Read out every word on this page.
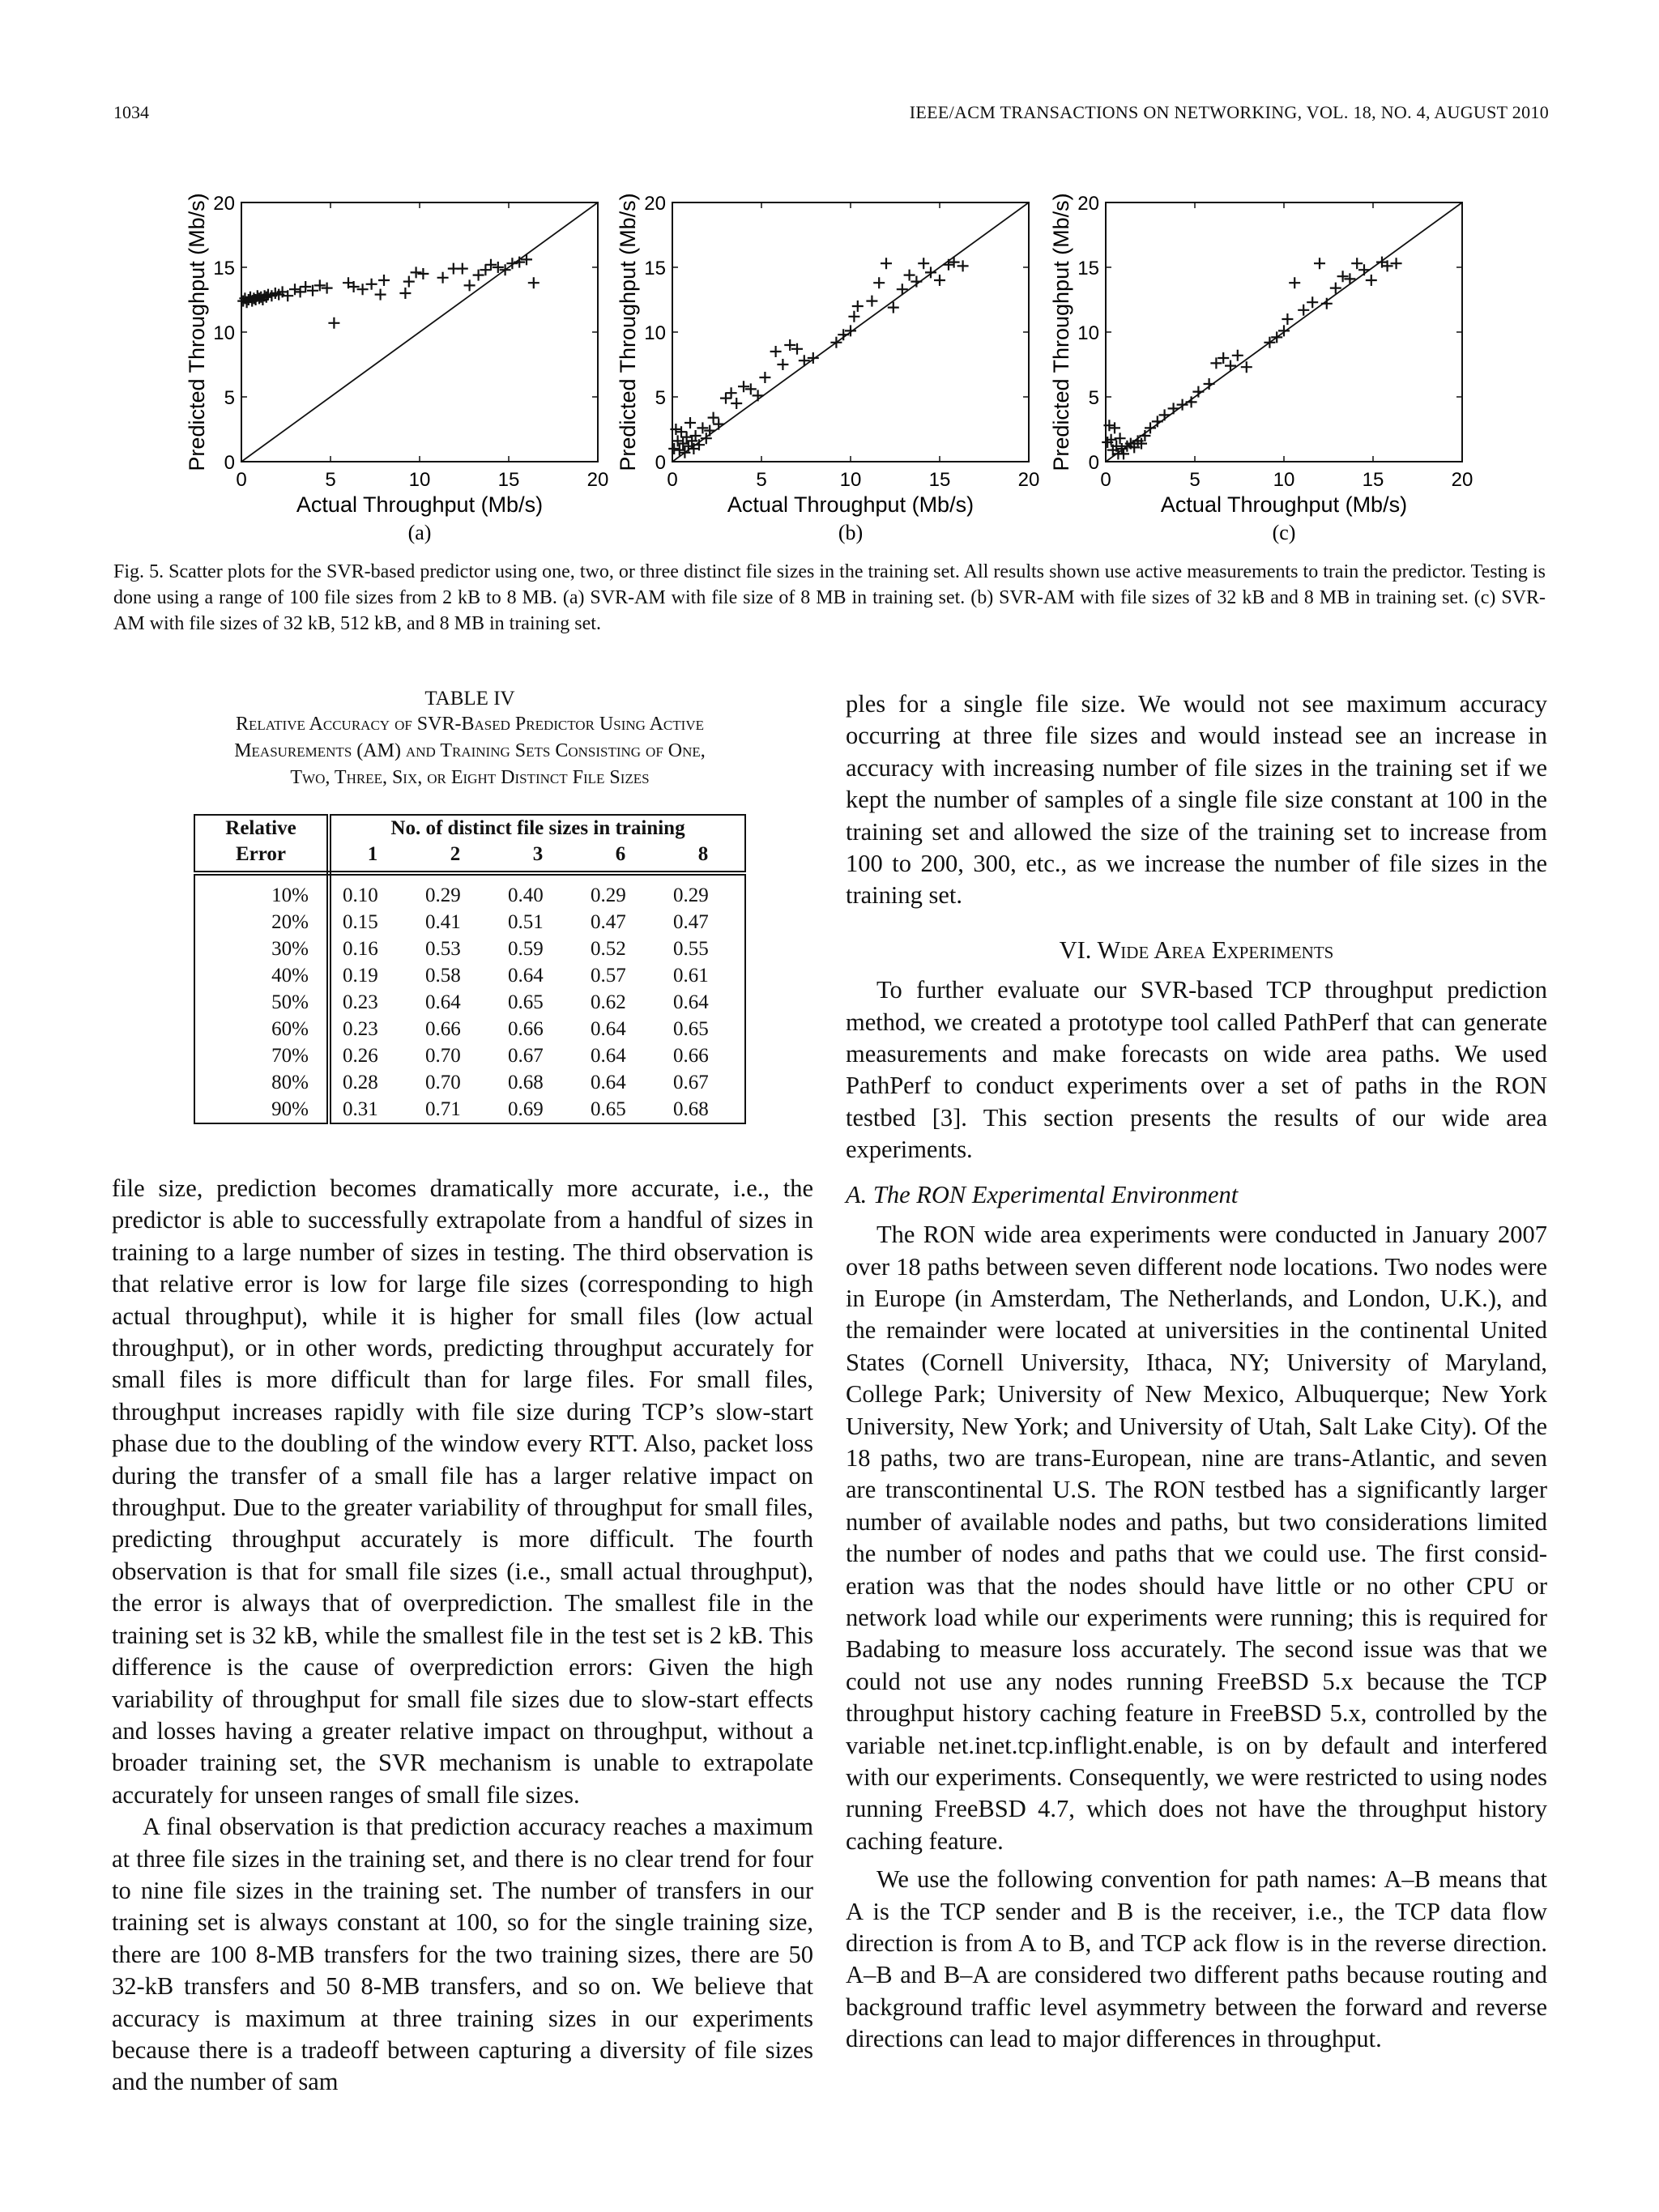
1034	IEEE/ACM TRANSACTIONS ON NETWORKING, VOL. 18, NO. 4, AUGUST 2010
0	5	10	15	20
0
5
10
15
20
Actual Throughput (Mb/s)
Predicted Throughput (Mb/s)
(a)
0	5	10	15	20
0
5
10
15
20
Actual Throughput (Mb/s)
Predicted Throughput (Mb/s)
(b)
0	5	10	15	20
0
5
10
15
20
Actual Throughput (Mb/s)
Predicted Throughput (Mb/s)
(c)
Fig. 5. Scatter plots for the SVR-based predictor using one, two, or three distinct file sizes in the training set. All results shown use active measurements to train the predictor. Testing is done using a range of 100 file sizes from 2 kB to 8 MB. (a) SVR-AM with file size of 8 MB in training set. (b) SVR-AM with file sizes of 32 kB and 8 MB in training set. (c) SVR-AM with file sizes of 32 kB, 512 kB, and 8 MB in training set.
TABLE IV
Relative Accuracy of SVR-Based Predictor Using Active
Measurements (AM) and Training Sets Consisting of One,
Two, Three, Six, or Eight Distinct File Sizes
Relative	No. of distinct file sizes in training				
Error	1	2	3	6	8
10%	0.10	0.29	0.40	0.29	0.29
20%	0.15	0.41	0.51	0.47	0.47
30%	0.16	0.53	0.59	0.52	0.55
40%	0.19	0.58	0.64	0.57	0.61
50%	0.23	0.64	0.65	0.62	0.64
60%	0.23	0.66	0.66	0.64	0.65
70%	0.26	0.70	0.67	0.64	0.66
80%	0.28	0.70	0.68	0.64	0.67
90%	0.31	0.71	0.69	0.65	0.68

file size, prediction becomes dramatically more accurate, i.e., the predictor is able to successfully extrapolate from a handful of sizes in training to a large number of sizes in testing. The third observation is that relative error is low for large file sizes (corresponding to high actual throughput), while it is higher for small files (low actual throughput), or in other words, predicting throughput accurately for small files is more difficult than for large files. For small files, throughput increases rapidly with file size during TCP’s slow-start phase due to the doubling of the window every RTT. Also, packet loss during the transfer of a small file has a larger relative impact on throughput. Due to the greater variability of throughput for small files, predicting throughput accurately is more difficult. The fourth observation is that for small file sizes (i.e., small actual throughput), the error is always that of overprediction. The smallest file in the training set is 32 kB, while the smallest file in the test set is 2 kB. This difference is the cause of overprediction errors: Given the high variability of throughput for small file sizes due to slow-start effects and losses having a greater relative impact on throughput, without a broader training set, the SVR mechanism is unable to extrapolate accurately for unseen ranges of small file sizes.

A final observation is that prediction accuracy reaches a maximum at three file sizes in the training set, and there is no clear trend for four to nine file sizes in the training set. The number of transfers in our training set is always constant at 100, so for the single training size, there are 100 8-MB transfers for the two training sizes, there are 50 32-kB transfers and 50 8-MB transfers, and so on. We believe that accuracy is maximum at three training sizes in our experiments because there is a tradeoff between capturing a diversity of file sizes and the number of sam

ples for a single file size. We would not see maximum accuracy occurring at three file sizes and would instead see an increase in accuracy with increasing number of file sizes in the training set if we kept the number of samples of a single file size constant at 100 in the training set and allowed the size of the training set to increase from 100 to 200, 300, etc., as we increase the number of file sizes in the training set.

VI. Wide Area Experiments

To further evaluate our SVR-based TCP throughput prediction method, we created a prototype tool called PathPerf that can generate measurements and make forecasts on wide area paths. We used PathPerf to conduct experiments over a set of paths in the RON testbed [3]. This section presents the results of our wide area experiments.

A. The RON Experimental Environment

The RON wide area experiments were conducted in January 2007 over 18 paths between seven different node locations. Two nodes were in Europe (in Amsterdam, The Netherlands, and London, U.K.), and the remainder were located at universities in the continental United States (Cornell University, Ithaca, NY; University of Maryland, College Park; University of New Mexico, Albuquerque; New York University, New York; and University of Utah, Salt Lake City). Of the 18 paths, two are trans-European, nine are trans-Atlantic, and seven are transcontinental U.S. The RON testbed has a significantly larger number of available nodes and paths, but two considerations limited the number of nodes and paths that we could use. The first consideration was that the nodes should have little or no other CPU or network load while our experiments were running; this is required for Badabing to measure loss accurately. The second issue was that we could not use any nodes running FreeBSD 5.x because the TCP throughput history caching feature in FreeBSD 5.x, controlled by the variable net.inet.tcp.inflight.enable, is on by default and interfered with our experiments. Consequently, we were restricted to using nodes running FreeBSD 4.7, which does not have the throughput history caching feature.

We use the following convention for path names: A–B means that A is the TCP sender and B is the receiver, i.e., the TCP data flow direction is from A to B, and TCP ack flow is in the reverse direction. A–B and B–A are considered two different paths because routing and background traffic level asymmetry between the forward and reverse directions can lead to major differences in throughput.
